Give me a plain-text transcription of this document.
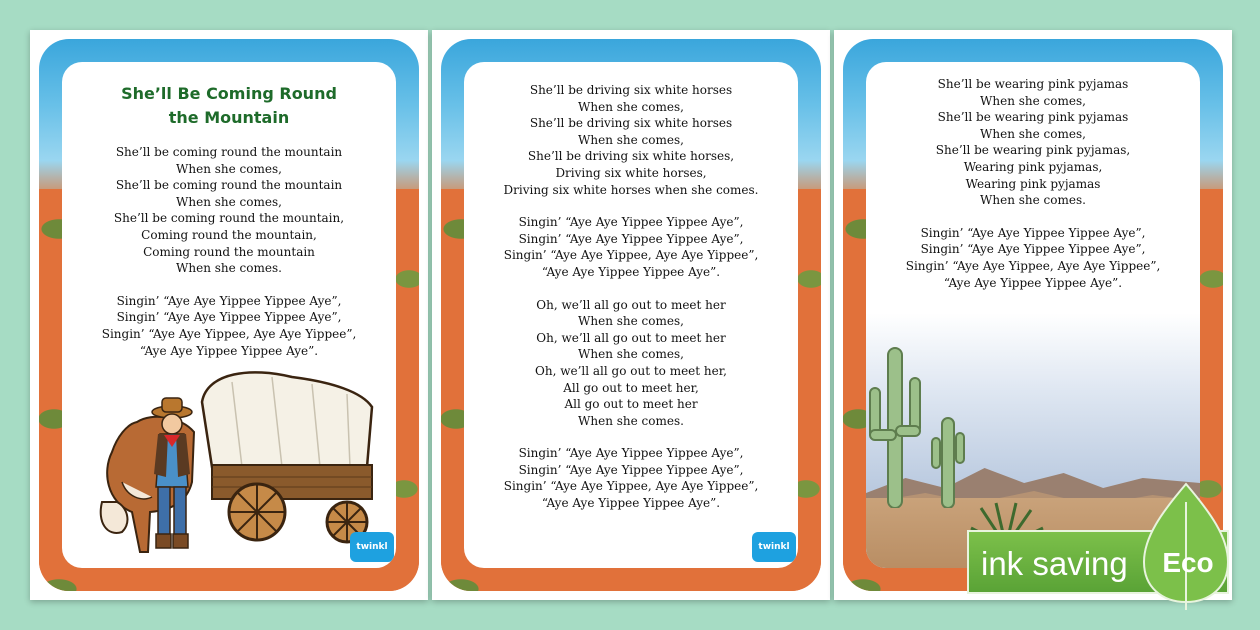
She’ll Be Coming Round
the Mountain
She’ll be coming round the mountain
When she comes,
She’ll be coming round the mountain
When she comes,
She’ll be coming round the mountain,
Coming round the mountain,
Coming round the mountain
When she comes.
Singin’ “Aye Aye Yippee Yippee Aye”,
Singin’ “Aye Aye Yippee Yippee Aye”,
Singin’ “Aye Aye Yippee, Aye Aye Yippee”,
“Aye Aye Yippee Yippee Aye”.
twinkl
She’ll be driving six white horses
When she comes,
She’ll be driving six white horses
When she comes,
She’ll be driving six white horses,
Driving six white horses,
Driving six white horses when she comes.
Singin’ “Aye Aye Yippee Yippee Aye”,
Singin’ “Aye Aye Yippee Yippee Aye”,
Singin’ “Aye Aye Yippee, Aye Aye Yippee”,
“Aye Aye Yippee Yippee Aye”.
Oh, we’ll all go out to meet her
When she comes,
Oh, we’ll all go out to meet her
When she comes,
Oh, we’ll all go out to meet her,
All go out to meet her,
All go out to meet her
When she comes.
Singin’ “Aye Aye Yippee Yippee Aye”,
Singin’ “Aye Aye Yippee Yippee Aye”,
Singin’ “Aye Aye Yippee, Aye Aye Yippee”,
“Aye Aye Yippee Yippee Aye”.
twinkl
She’ll be wearing pink pyjamas
When she comes,
She’ll be wearing pink pyjamas
When she comes,
She’ll be wearing pink pyjamas,
Wearing pink pyjamas,
Wearing pink pyjamas
When she comes.
Singin’ “Aye Aye Yippee Yippee Aye”,
Singin’ “Aye Aye Yippee Yippee Aye”,
Singin’ “Aye Aye Yippee, Aye Aye Yippee”,
“Aye Aye Yippee Yippee Aye”.
ink saving Eco
